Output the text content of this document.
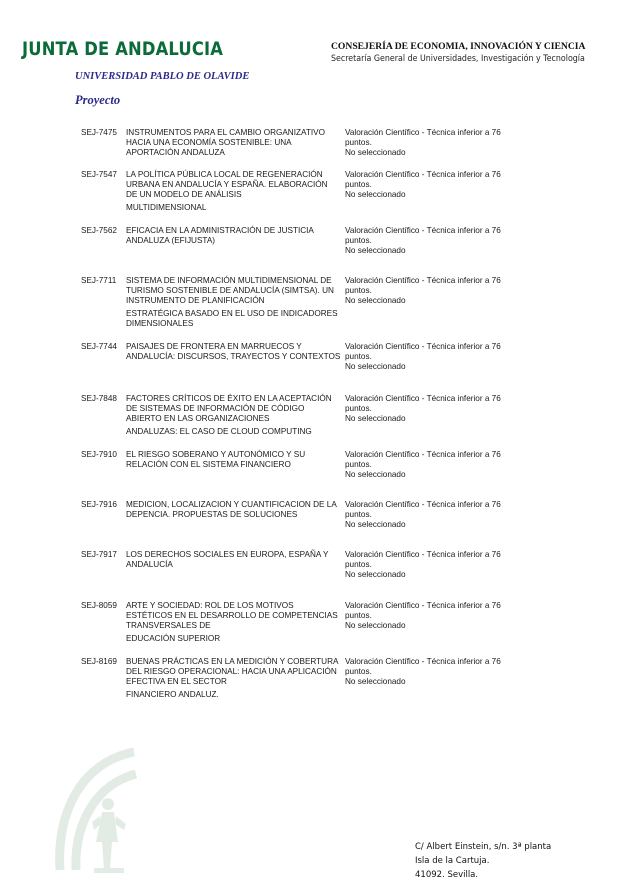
JUNTA DE ANDALUCIA	CONSEJERÍA DE ECONOMIA, INNOVACIÓN Y CIENCIA
Secretaría General de Universidades, Investigación y Tecnología
UNIVERSIDAD PABLO DE OLAVIDE
Proyecto
SEJ-7475 INSTRUMENTOS PARA EL CAMBIO ORGANIZATIVO HACIA UNA ECONOMÍA SOSTENIBLE: UNA APORTACIÓN ANDALUZA
Valoración Científico - Técnica inferior a 76
puntos.
No seleccionado
SEJ-7547 LA POLÍTICA PÚBLICA LOCAL DE REGENERACIÓN URBANA EN ANDALUCÍA Y ESPAÑA. ELABORACIÓN DE UN MODELO DE ANÁLISIS
MULTIDIMENSIONAL
Valoración Científico - Técnica inferior a 76
puntos.
No seleccionado
SEJ-7562 EFICACIA EN LA ADMINISTRACIÓN DE JUSTICIA ANDALUZA (EFIJUSTA)
Valoración Científico - Técnica inferior a 76
puntos.
No seleccionado
SEJ-7711 SISTEMA DE INFORMACIÓN MULTIDIMENSIONAL DE TURISMO SOSTENIBLE DE ANDALUCÍA (SIMTSA). UN INSTRUMENTO DE PLANIFICACIÓN
ESTRATÉGICA BASADO EN EL USO DE INDICADORES DIMENSIONALES
Valoración Científico - Técnica inferior a 76
puntos.
No seleccionado
SEJ-7744 PAISAJES DE FRONTERA EN MARRUECOS Y ANDALUCÍA: DISCURSOS, TRAYECTOS Y CONTEXTOS
Valoración Científico - Técnica inferior a 76
puntos.
No seleccionado
SEJ-7848 FACTORES CRÍTICOS DE ÉXITO EN LA ACEPTACIÓN DE SISTEMAS DE INFORMACIÓN DE CÓDIGO ABIERTO EN LAS ORGANIZACIONES
ANDALUZAS: EL CASO DE CLOUD COMPUTING
Valoración Científico - Técnica inferior a 76
puntos.
No seleccionado
SEJ-7910 EL RIESGO SOBERANO Y AUTONÓMICO Y SU RELACIÓN CON EL SISTEMA FINANCIERO
Valoración Científico - Técnica inferior a 76
puntos.
No seleccionado
SEJ-7916 MEDICION, LOCALIZACION Y CUANTIFICACION DE LA DEPENCIA. PROPUESTAS DE SOLUCIONES
Valoración Científico - Técnica inferior a 76
puntos.
No seleccionado
SEJ-7917 LOS DERECHOS SOCIALES EN EUROPA, ESPAÑA Y ANDALUCÍA
Valoración Científico - Técnica inferior a 76
puntos.
No seleccionado
SEJ-8059 ARTE Y SOCIEDAD: ROL DE LOS MOTIVOS ESTÉTICOS EN EL DESARROLLO DE COMPETENCIAS TRANSVERSALES DE
EDUCACIÓN SUPERIOR
Valoración Científico - Técnica inferior a 76
puntos.
No seleccionado
SEJ-8169 BUENAS PRÁCTICAS EN LA MEDICIÓN Y COBERTURA DEL RIESGO OPERACIONAL: HACIA UNA APLICACIÓN EFECTIVA EN EL SECTOR
FINANCIERO ANDALUZ.
Valoración Científico - Técnica inferior a 76
puntos.
No seleccionado
C/ Albert Einstein, s/n. 3ª planta
Isla de la Cartuja.
41092. Sevilla.
